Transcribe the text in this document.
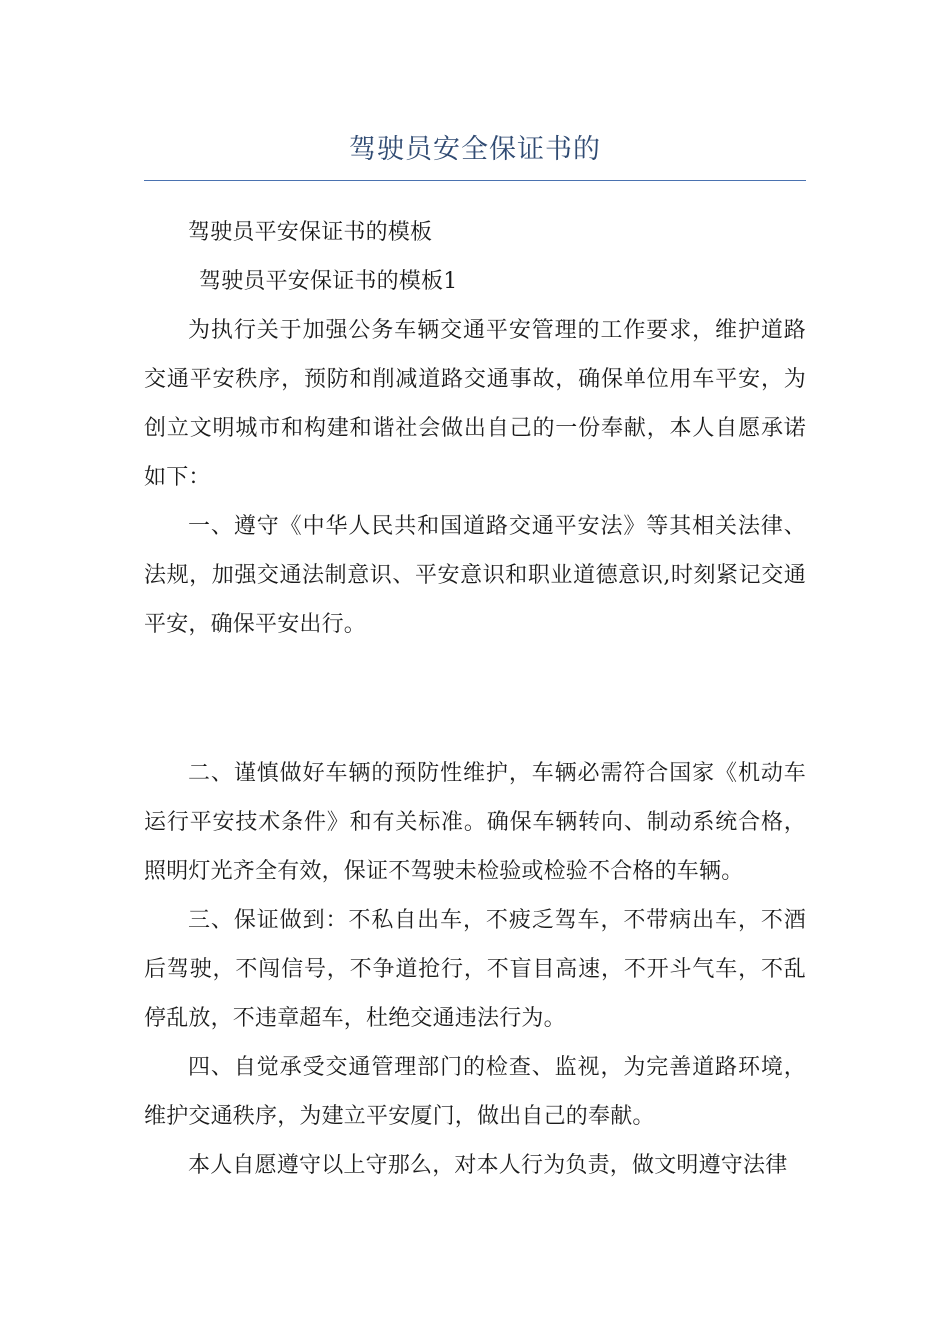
驾驶员安全保证书的

驾驶员平安保证书的模板

驾驶员平安保证书的模板1

为执行关于加强公务车辆交通平安管理的工作要求，维护道路交通平安秩序，预防和削减道路交通事故，确保单位用车平安，为创立文明城市和构建和谐社会做出自己的一份奉献，本人自愿承诺如下：

一、遵守《中华人民共和国道路交通平安法》等其相关法律、法规，加强交通法制意识、平安意识和职业道德意识,时刻紧记交通平安，确保平安出行。

二、谨慎做好车辆的预防性维护，车辆必需符合国家《机动车运行平安技术条件》和有关标准。确保车辆转向、制动系统合格，照明灯光齐全有效，保证不驾驶未检验或检验不合格的车辆。

三、保证做到：不私自出车，不疲乏驾车，不带病出车，不酒后驾驶，不闯信号，不争道抢行，不盲目高速，不开斗气车，不乱停乱放，不违章超车，杜绝交通违法行为。

四、自觉承受交通管理部门的检查、监视，为完善道路环境，维护交通秩序，为建立平安厦门，做出自己的奉献。

本人自愿遵守以上守那么，对本人行为负责，做文明遵守法律
